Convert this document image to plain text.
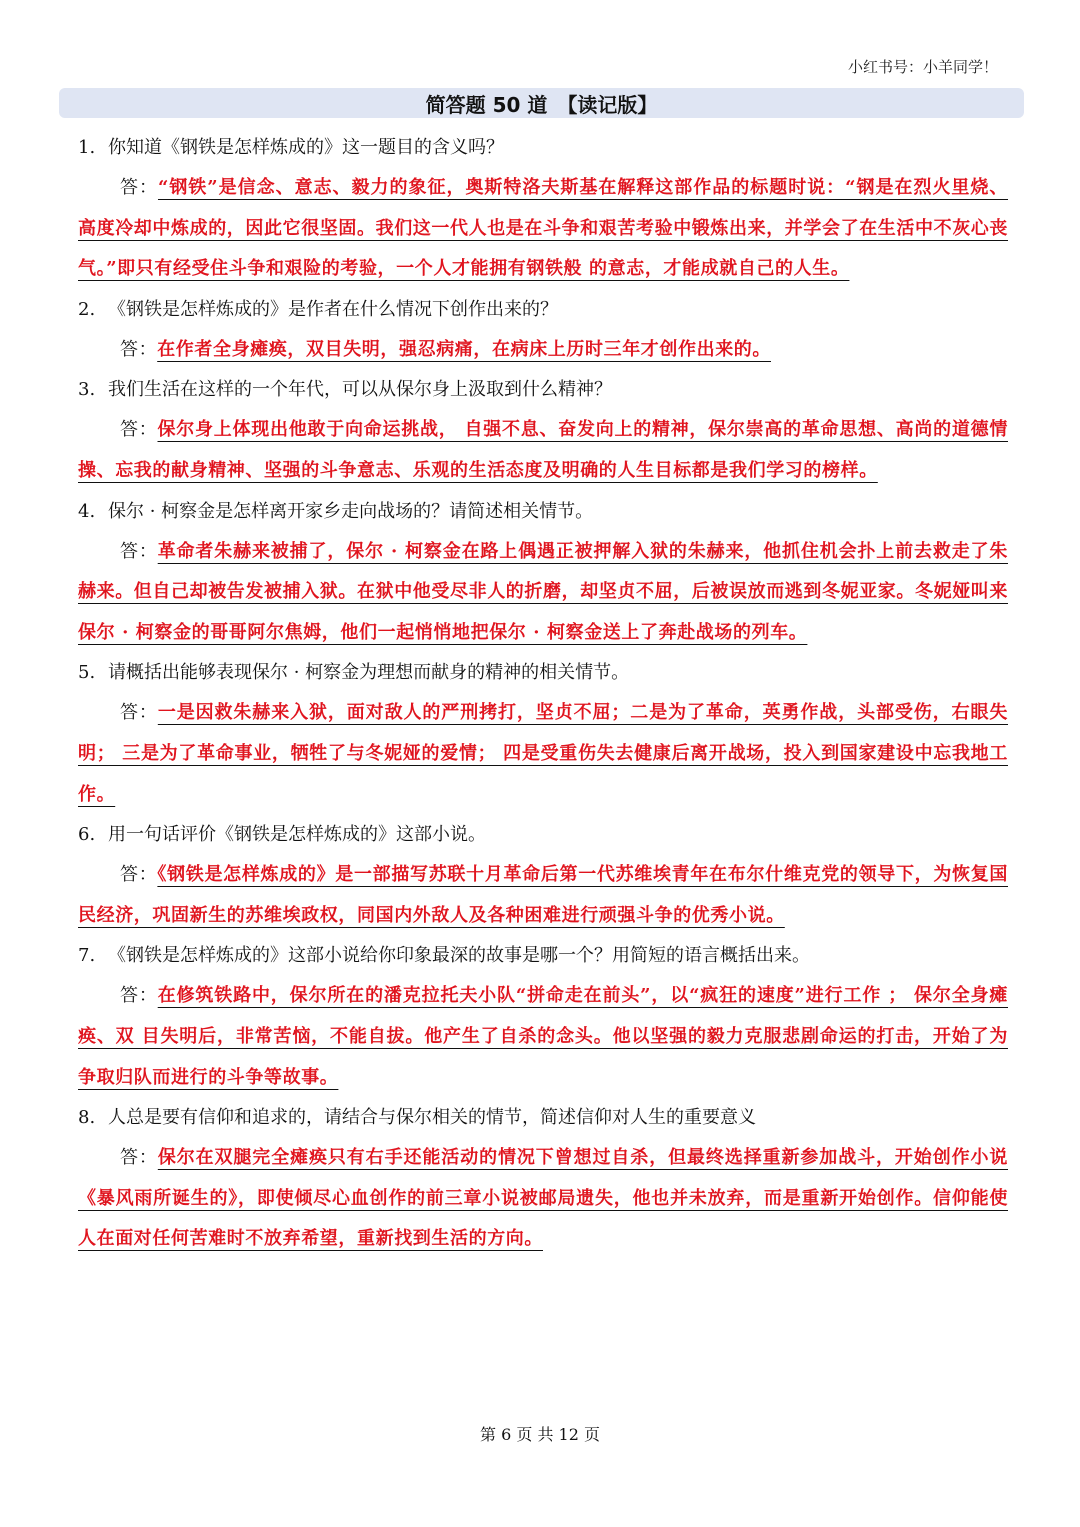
小红书号：小羊同学！
简答题 50 道　【读记版】
1. 你知道《钢铁是怎样炼成的》这一题目的含义吗？
答：“钢铁”是信念、意志、毅力的象征，奥斯特洛夫斯基在解释这部作品的标题时说：“钢是在烈火里烧、高度冷却中炼成的，因此它很坚固。我们这一代人也是在斗争和艰苦考验中锻炼出来，并学会了在生活中不灰心丧气。”即只有经受住斗争和艰险的考验，一个人才能拥有钢铁般 的意志，才能成就自己的人生。
2. 《钢铁是怎样炼成的》是作者在什么情况下创作出来的？
答：在作者全身瘫痪，双目失明，强忍病痛，在病床上历时三年才创作出来的。
3. 我们生活在这样的一个年代，可以从保尔身上汲取到什么精神？
答：保尔身上体现出他敢于向命运挑战， 自强不息、奋发向上的精神，保尔崇高的革命思想、高尚的道德情操、忘我的献身精神、坚强的斗争意志、乐观的生活态度及明确的人生目标都是我们学习的榜样。
4. 保尔 · 柯察金是怎样离开家乡走向战场的？请简述相关情节。
答：革命者朱赫来被捕了，保尔 · 柯察金在路上偶遇正被押解入狱的朱赫来，他抓住机会扑上前去救走了朱赫来。但自己却被告发被捕入狱。在狱中他受尽非人的折磨，却坚贞不屈，后被误放而逃到冬妮亚家。冬妮娅叫来保尔 · 柯察金的哥哥阿尔焦姆，他们一起悄悄地把保尔 · 柯察金送上了奔赴战场的列车。
5. 请概括出能够表现保尔 · 柯察金为理想而献身的精神的相关情节。
答：一是因救朱赫来入狱，面对敌人的严刑拷打，坚贞不屈；二是为了革命，英勇作战，头部受伤，右眼失明； 三是为了革命事业，牺牲了与冬妮娅的爱情； 四是受重伤失去健康后离开战场，投入到国家建设中忘我地工作。
6. 用一句话评价《钢铁是怎样炼成的》这部小说。
答：《钢铁是怎样炼成的》是一部描写苏联十月革命后第一代苏维埃青年在布尔什维克党的领导下，为恢复国民经济，巩固新生的苏维埃政权，同国内外敌人及各种困难进行顽强斗争的优秀小说。
7. 《钢铁是怎样炼成的》这部小说给你印象最深的故事是哪一个？用简短的语言概括出来。
答：在修筑铁路中，保尔所在的潘克拉托夫小队“拼命走在前头”，以“疯狂的速度”进行工作 ； 保尔全身瘫痪、双 目失明后，非常苦恼，不能自拔。他产生了自杀的念头。他以坚强的毅力克服悲剧命运的打击，开始了为争取归队而进行的斗争等故事。
8. 人总是要有信仰和追求的，请结合与保尔相关的情节，简述信仰对人生的重要意义
答：保尔在双腿完全瘫痪只有右手还能活动的情况下曾想过自杀，但最终选择重新参加战斗，开始创作小说《暴风雨所诞生的》，即使倾尽心血创作的前三章小说被邮局遗失，他也并未放弃，而是重新开始创作。信仰能使人在面对任何苦难时不放弃希望，重新找到生活的方向。
第 6 页 共 12 页
